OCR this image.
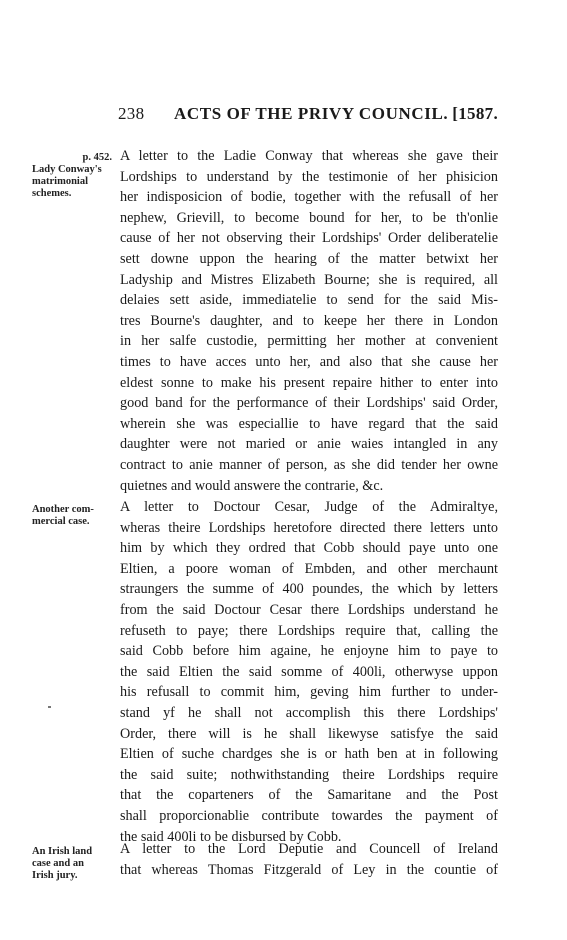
238 ACTS OF THE PRIVY COUNCIL. [1587.
p. 452.
Lady Conway's
matrimonial
schemes.
Another com-
mercial case.
An Irish land
case and an
Irish jury.
A letter to the Ladie Conway that whereas she gave their
Lordships to understand by the testimonie of her phisicion
her indisposicion of bodie, together with the refusall of her
nephew, Grievill, to become bound for her, to be th'onlie
cause of her not observing their Lordships' Order deliberatelie
sett downe uppon the hearing of the matter betwixt her
Ladyship and Mistres Elizabeth Bourne; she is required, all
delaies sett aside, immediatelie to send for the said Mis-
tres Bourne's daughter, and to keepe her there in London
in her salfe custodie, permitting her mother at convenient
times to have acces unto her, and also that she cause her
eldest sonne to make his present repaire hither to enter into
good band for the performance of their Lordships' said Order,
wherein she was especiallie to have regard that the said
daughter were not maried or anie waies intangled in any
contract to anie manner of person, as she did tender her owne
quietnes and would answere the contrarie, &c.
A letter to Doctour Cesar, Judge of the Admiraltye,
wheras theire Lordships heretofore directed there letters unto
him by which they ordred that Cobb should paye unto one
Eltien, a poore woman of Embden, and other merchaunt
straungers the summe of 400 poundes, the which by letters
from the said Doctour Cesar there Lordships understand he
refuseth to paye; there Lordships require that, calling the
said Cobb before him againe, he enjoyne him to paye to
the said Eltien the said somme of 400li, otherwyse uppon
his refusall to commit him, geving him further to under-
stand yf he shall not accomplish this there Lordships'
Order, there will is he shall likewyse satisfye the said
Eltien of suche chardges she is or hath ben at in following
the said suite; nothwithstanding theire Lordships require
that the coparteners of the Samaritane and the Post
shall proporcionablie contribute towardes the payment of
the said 400li to be disbursed by Cobb.
A letter to the Lord Deputie and Councell of Ireland
that whereas Thomas Fitzgerald of Ley in the countie of
